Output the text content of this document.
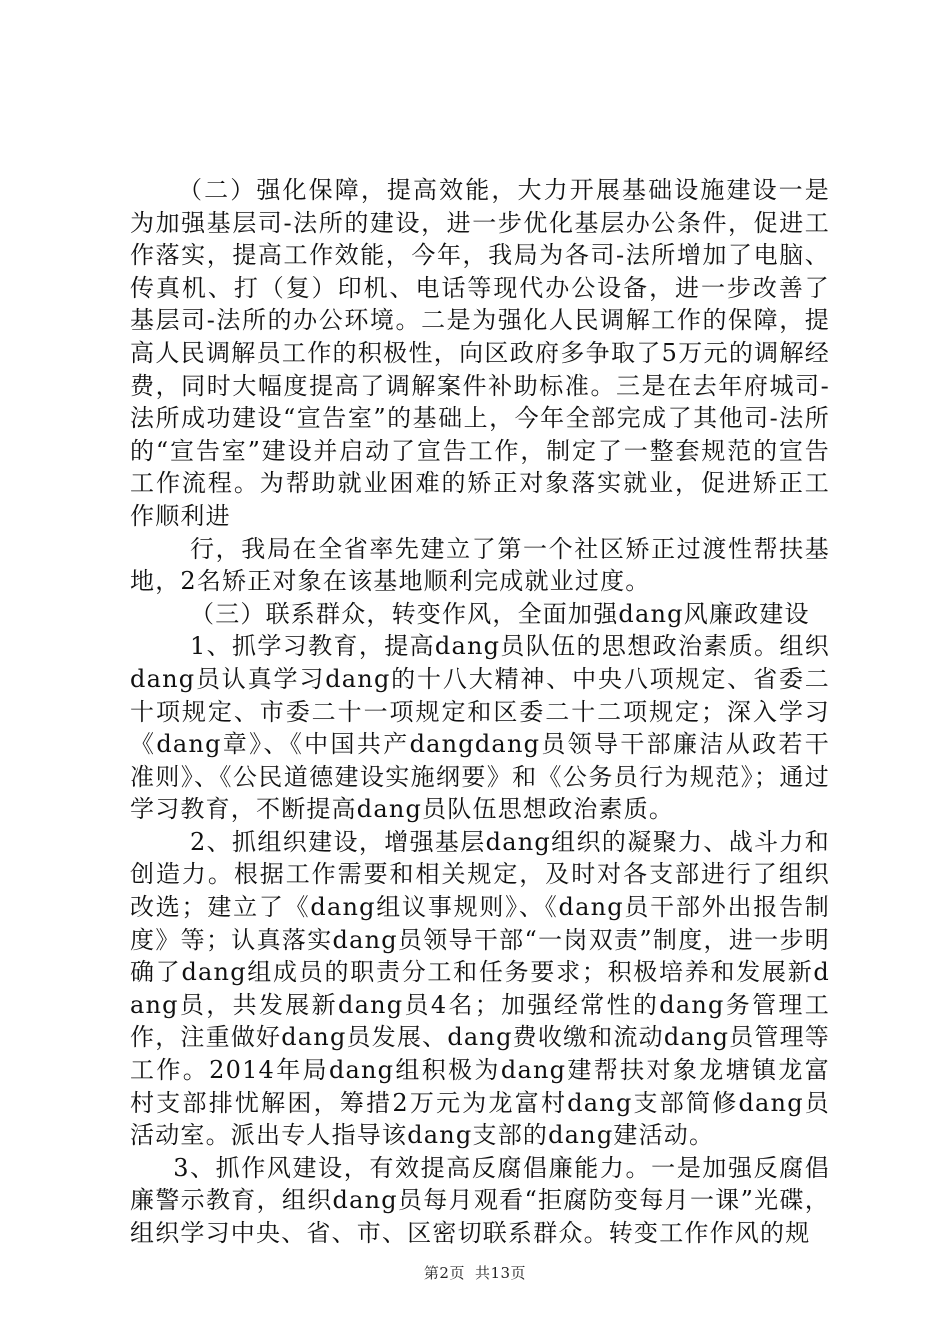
（二）强化保障，提高效能，大力开展基础设施建设一是为加强基层司-法所的建设，进一步优化基层办公条件，促进工作落实，提高工作效能，今年，我局为各司-法所增加了电脑、传真机、打（复）印机、电话等现代办公设备，进一步改善了基层司-法所的办公环境。二是为强化人民调解工作的保障，提高人民调解员工作的积极性，向区政府多争取了5万元的调解经费，同时大幅度提高了调解案件补助标准。三是在去年府城司-法所成功建设“宣告室”的基础上，今年全部完成了其他司-法所的“宣告室”建设并启动了宣告工作，制定了一整套规范的宣告工作流程。为帮助就业困难的矫正对象落实就业，促进矫正工作顺利进

行，我局在全省率先建立了第一个社区矫正过渡性帮扶基地，2名矫正对象在该基地顺利完成就业过度。

（三）联系群众，转变作风，全面加强dang风廉政建设

1、抓学习教育，提高dang员队伍的思想政治素质。组织dang员认真学习dang的十八大精神、中央八项规定、省委二十项规定、市委二十一项规定和区委二十二项规定；深入学习《dang章》、《中国共产dangdang员领导干部廉洁从政若干准则》、《公民道德建设实施纲要》和《公务员行为规范》；通过学习教育，不断提高dang员队伍思想政治素质。

2、抓组织建设，增强基层dang组织的凝聚力、战斗力和创造力。根据工作需要和相关规定，及时对各支部进行了组织改选；建立了《dang组议事规则》、《dang员干部外出报告制度》等；认真落实dang员领导干部“一岗双责”制度，进一步明确了dang组成员的职责分工和任务要求；积极培养和发展新dang员，共发展新dang员4名；加强经常性的dang务管理工作，注重做好dang员发展、dang费收缴和流动dang员管理等工作。2014年局dang组积极为dang建帮扶对象龙塘镇龙富村支部排忧解困，筹措2万元为龙富村dang支部简修dang员活动室。派出专人指导该dang支部的dang建活动。

3、抓作风建设，有效提高反腐倡廉能力。一是加强反腐倡廉警示教育，组织dang员每月观看“拒腐防变每月一课”光碟，组织学习中央、省、市、区密切联系群众。转变工作作风的规

第2页 共13页
